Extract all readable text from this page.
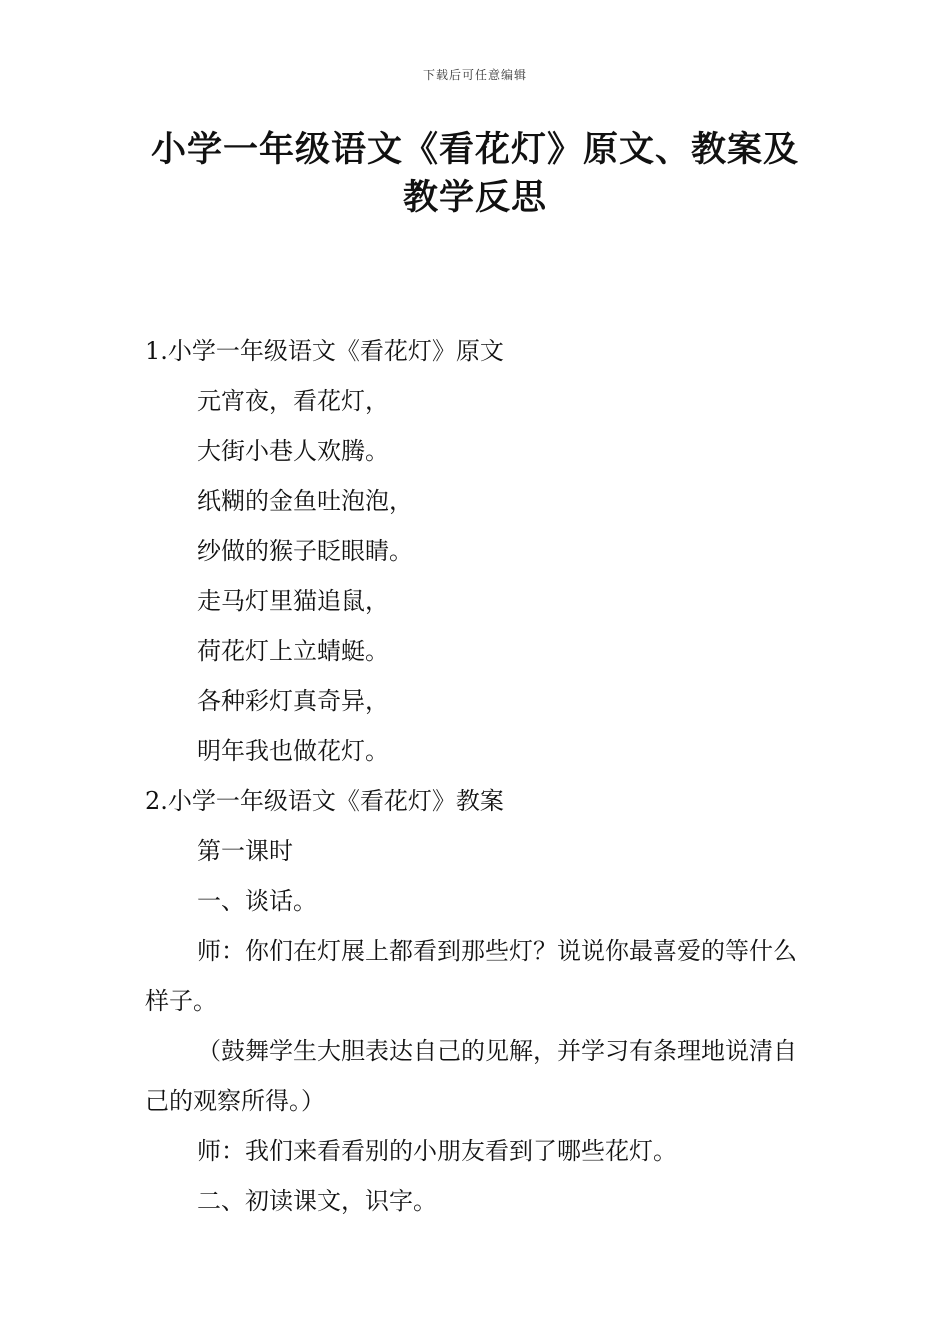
下载后可任意编辑
小学一年级语文《看花灯》原文、教案及
教学反思

1.小学一年级语文《看花灯》原文

元宵夜，看花灯，

大街小巷人欢腾。

纸糊的金鱼吐泡泡，

纱做的猴子眨眼睛。

走马灯里猫追鼠，

荷花灯上立蜻蜓。

各种彩灯真奇异，

明年我也做花灯。

2.小学一年级语文《看花灯》教案

第一课时

一、谈话。

师：你们在灯展上都看到那些灯？说说你最喜爱的等什么样子。

（鼓舞学生大胆表达自己的见解，并学习有条理地说清自己的观察所得。）

师：我们来看看别的小朋友看到了哪些花灯。

二、初读课文，识字。
